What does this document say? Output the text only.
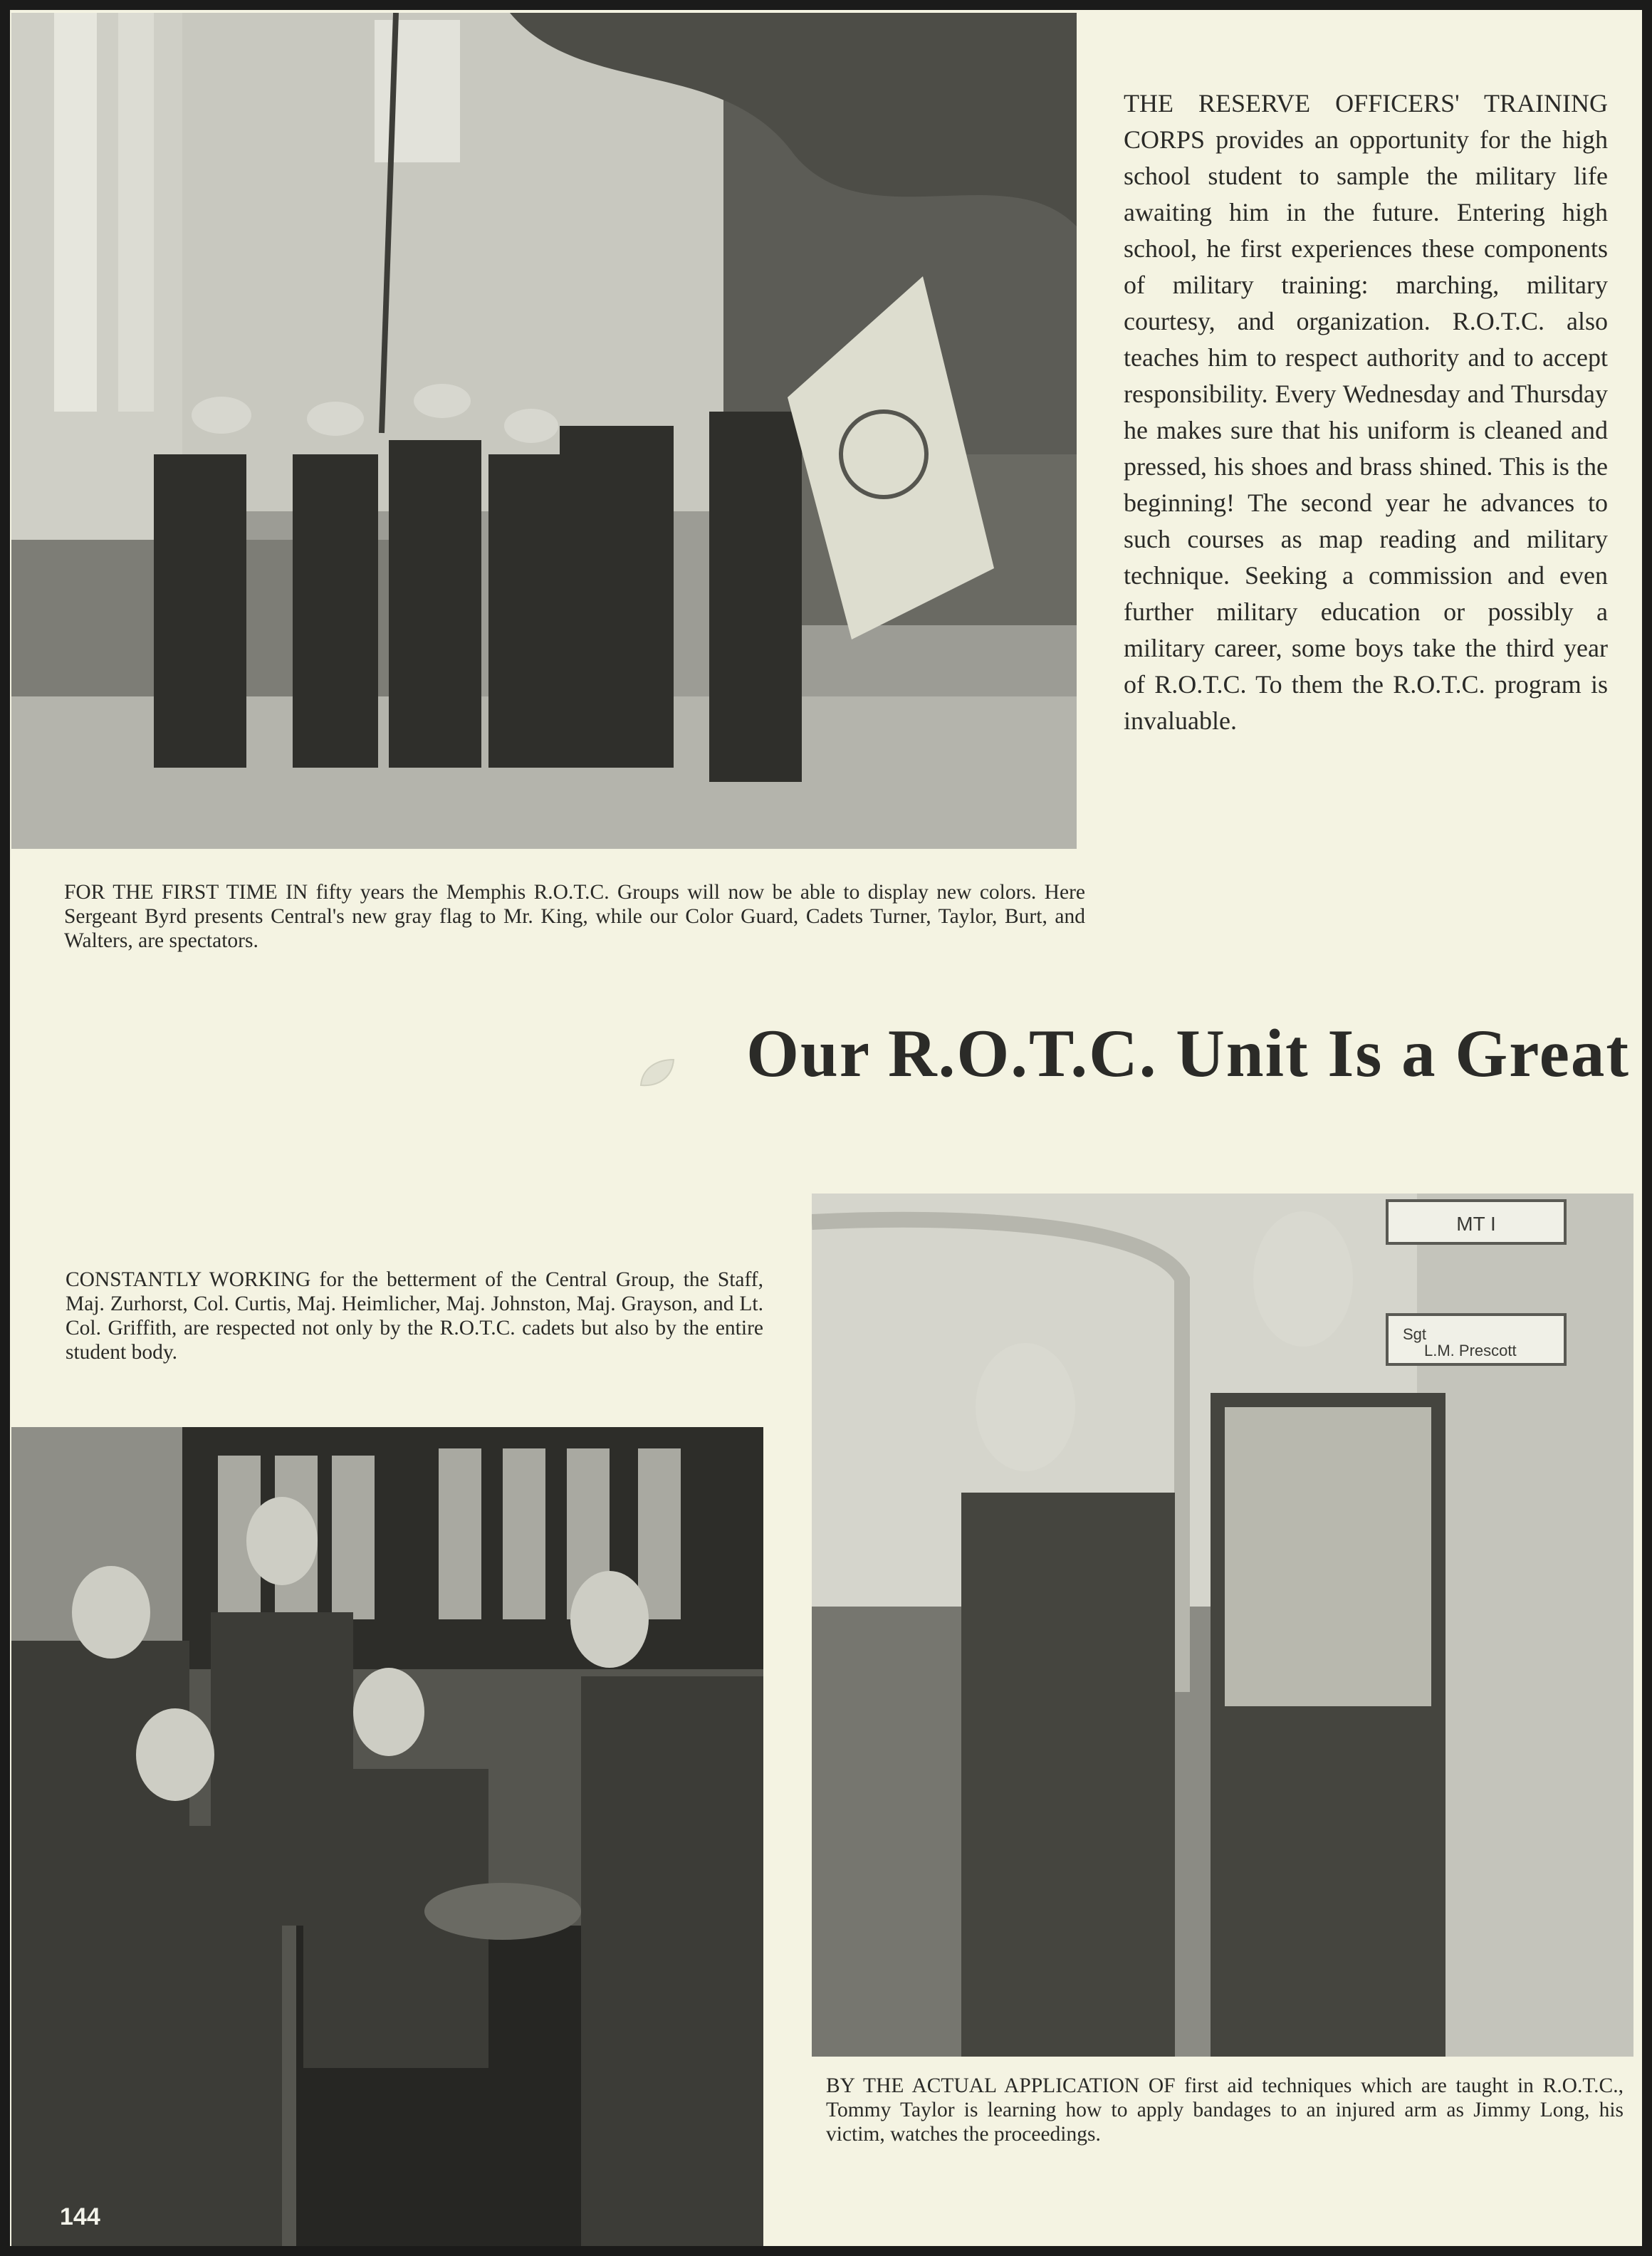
THE RESERVE OFFICERS' TRAINING CORPS provides an opportunity for the high school student to sample the military life awaiting him in the future. Entering high school, he first experiences these components of military training: marching, military courtesy, and organization. R.O.T.C. also teaches him to respect authority and to accept responsibility. Every Wednesday and Thursday he makes sure that his uniform is cleaned and pressed, his shoes and brass shined. This is the beginning! The second year he advances to such courses as map reading and military technique. Seeking a commission and even further military education or possibly a military career, some boys take the third year of R.O.T.C. To them the R.O.T.C. program is invaluable.
FOR THE FIRST TIME IN fifty years the Memphis R.O.T.C. Groups will now be able to display new colors. Here Sergeant Byrd presents Central's new gray flag to Mr. King, while our Color Guard, Cadets Turner, Taylor, Burt, and Walters, are spectators.
Our R.O.T.C. Unit Is a Great
CONSTANTLY WORKING for the betterment of the Central Group, the Staff, Maj. Zurhorst, Col. Curtis, Maj. Heimlicher, Maj. Johnston, Maj. Grayson, and Lt. Col. Griffith, are respected not only by the R.O.T.C. cadets but also by the entire student body.
MT I
Sgt
L.M. Prescott
BY THE ACTUAL APPLICATION OF first aid techniques which are taught in R.O.T.C., Tommy Taylor is learning how to apply bandages to an injured arm as Jimmy Long, his victim, watches the proceedings.
144
